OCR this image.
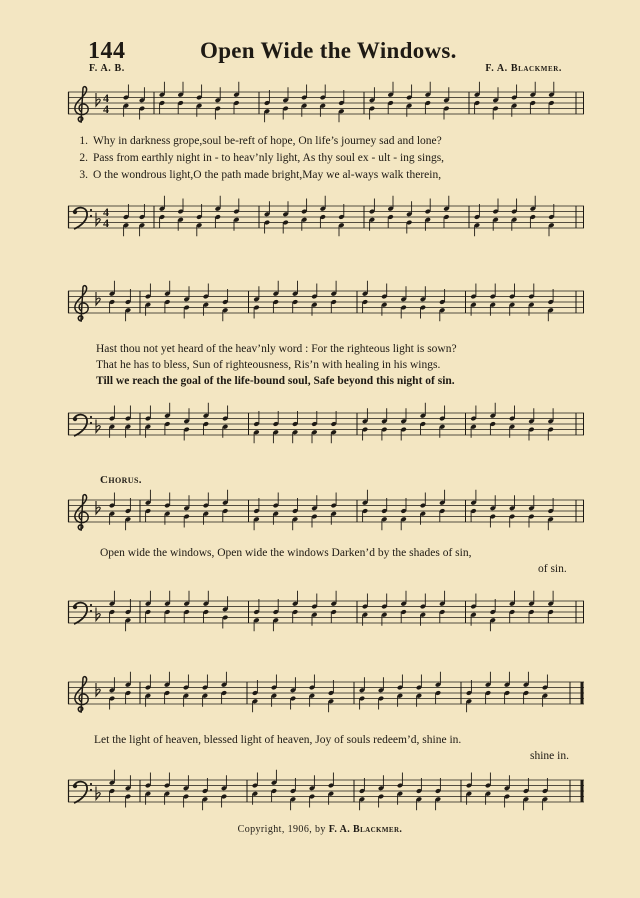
144	Open Wide the Windows.
F. A. B.	F. A. Blackmer.
4
4
1. Why in darkness grope,soul be-reft of hope, On life’s journey sad and lone?
2. Pass from earthly night in - to heav’nly light, As thy soul ex - ult - ing sings,
3. O the wondrous light,O the path made bright,May we al-ways walk therein,
4
4
Hast thou not yet heard of the heav’nly word : For the righteous light is sown?
That he has to bless, Sun of righteousness, Ris’n with healing in his wings.
Till we reach the goal of the life-bound soul, Safe beyond this night of sin.
Chorus.
Open wide the windows, Open wide the windows Darken’d by the shades of sin,
of sin.
Let the light of heaven, blessed light of heaven, Joy of souls redeem’d, shine in.
shine in.
Copyright, 1906, by F. A. Blackmer.
